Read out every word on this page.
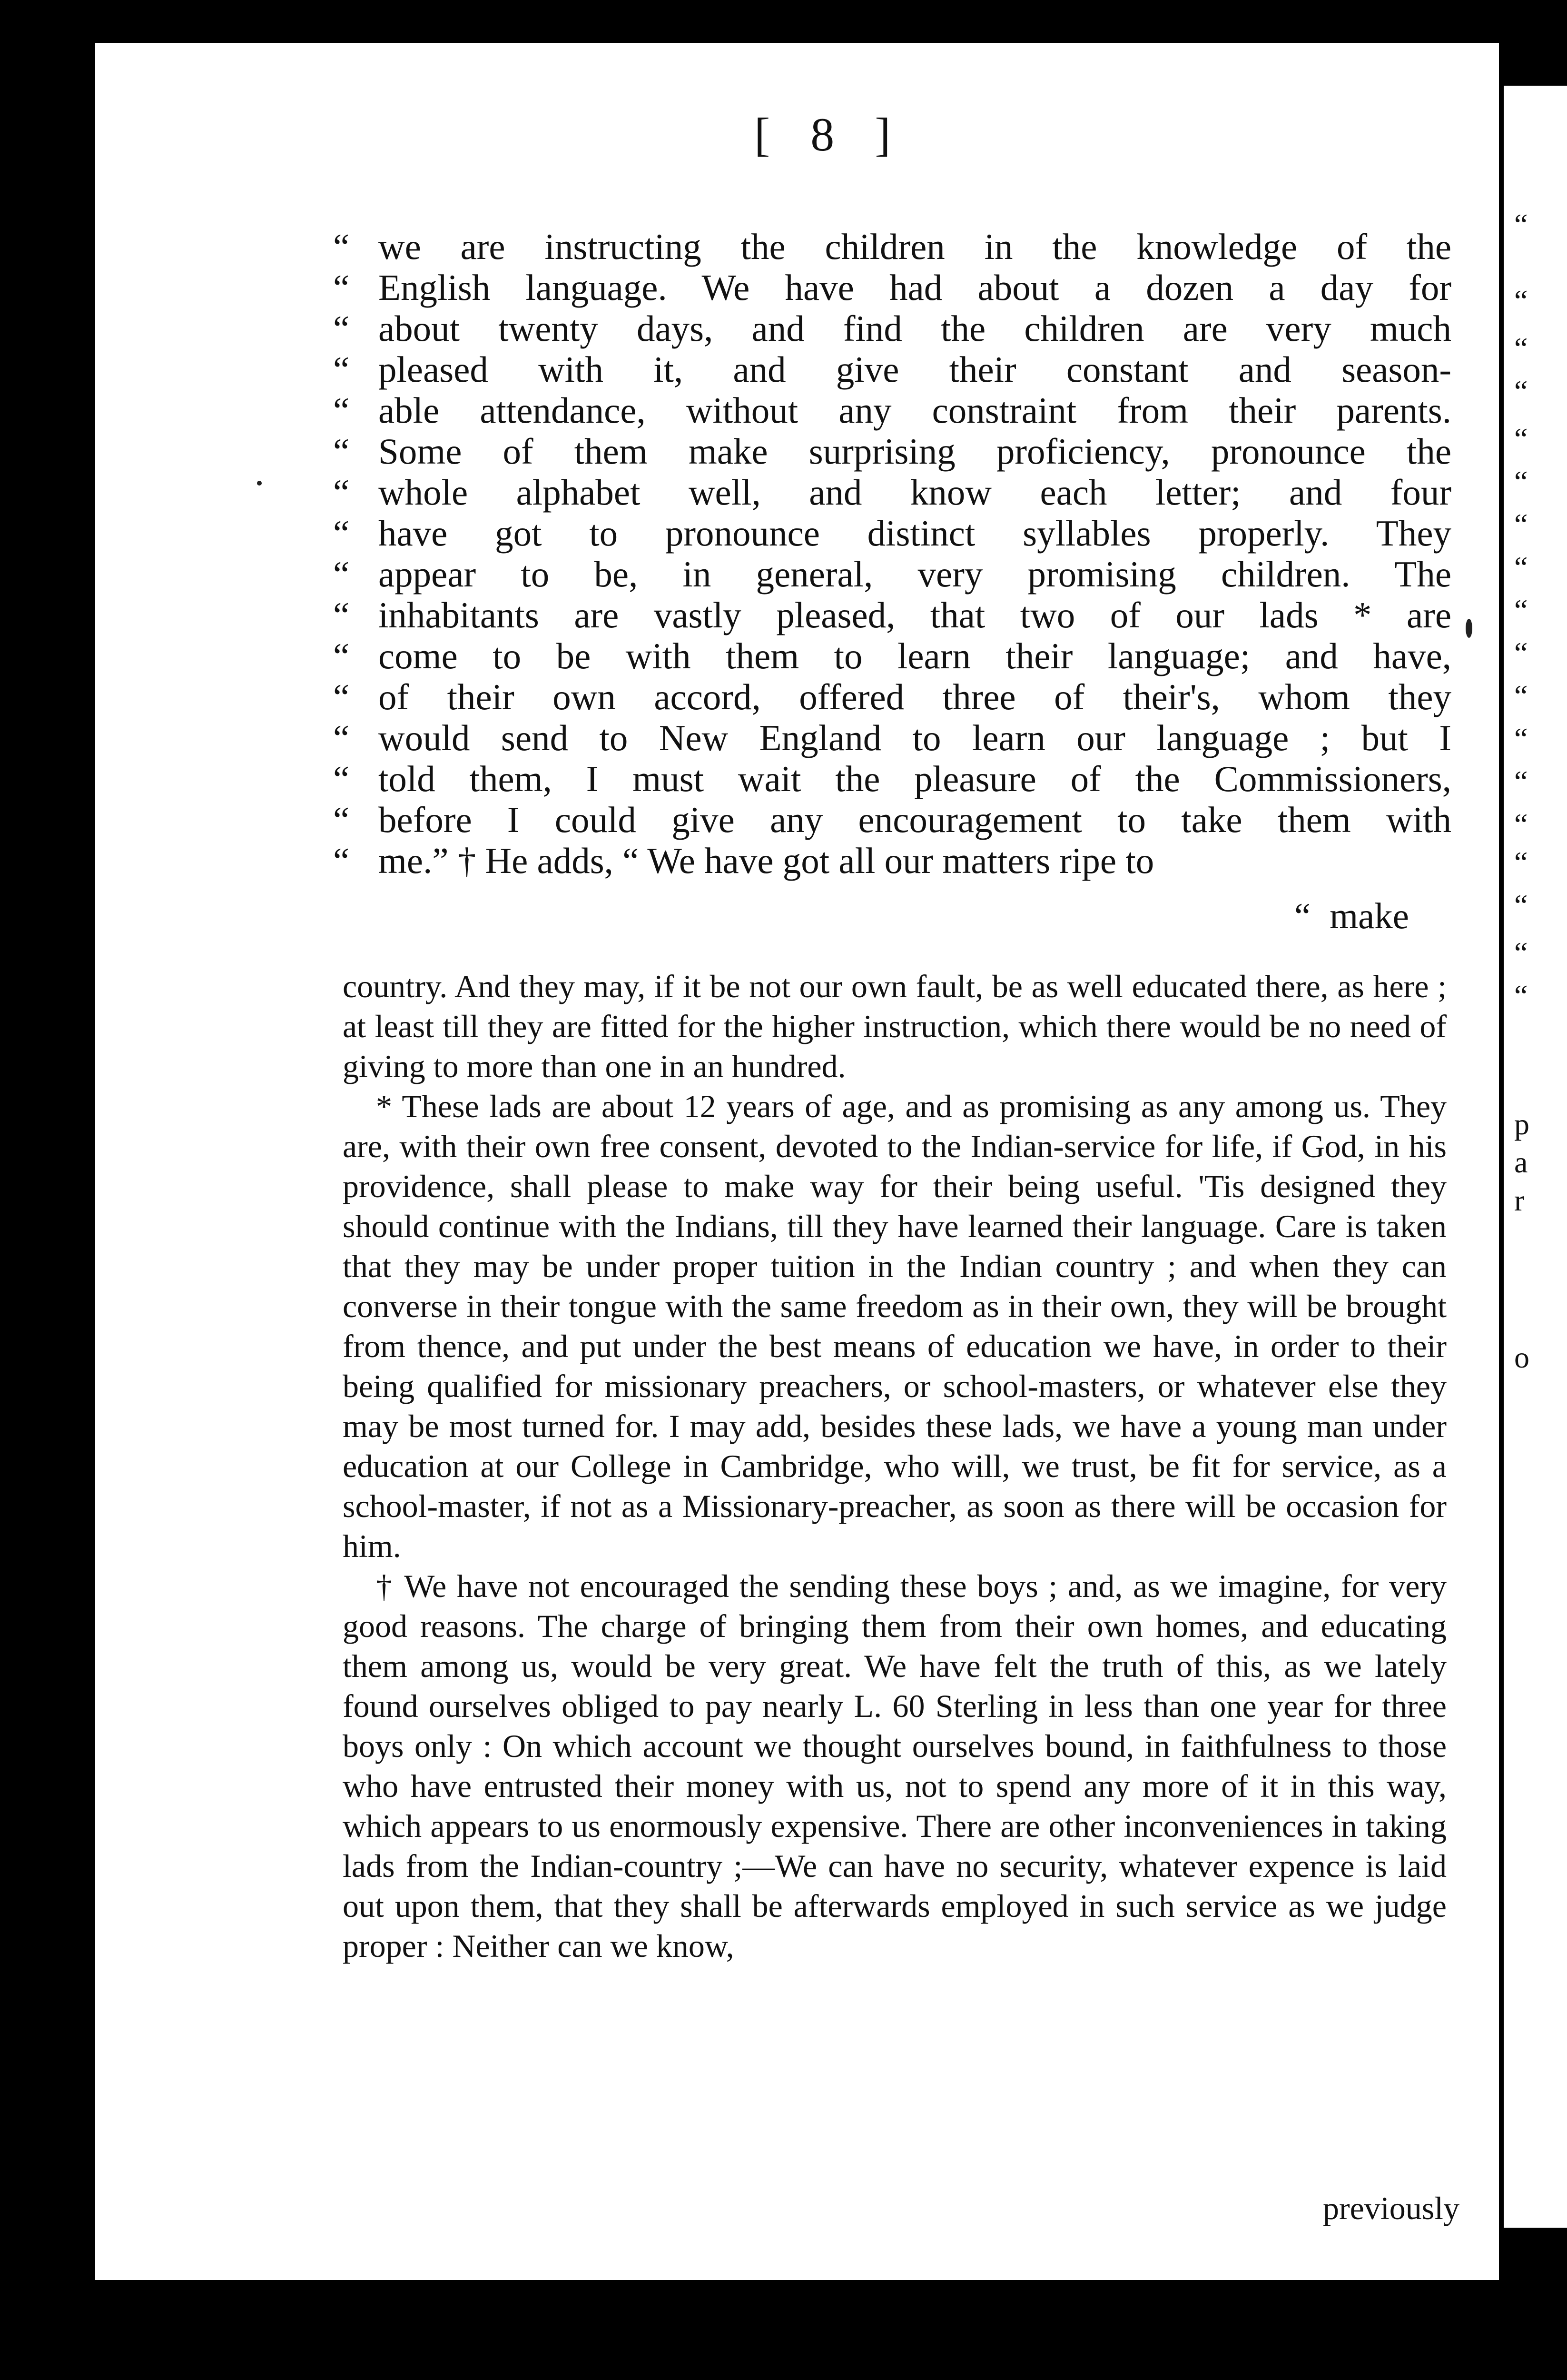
“
“
“
“
“
“
“
“
“
“
“
“
“
“
“
“
“
“
p
a
r
o
[ 8 ]
“ we are instructing the children in the knowledge of the
“ English language. We have had about a dozen a day for
“ about twenty days, and find the children are very much
“ pleased with it, and give their constant and season-
“ able attendance, without any constraint from their parents.
“ Some of them make surprising proficiency, pronounce the
“ whole alphabet well, and know each letter; and four
“ have got to pronounce distinct syllables properly. They
“ appear to be, in general, very promising children. The
“ inhabitants are vastly pleased, that two of our lads * are
“ come to be with them to learn their language; and have,
“ of their own accord, offered three of their's, whom they
“ would send to New England to learn our language ; but I
“ told them, I must wait the pleasure of the Commissioners,
“ before I could give any encouragement to take them with
“ me.” † He adds, “ We have got all our matters ripe to
“ make

country. And they may, if it be not our own fault, be as well educated there, as here ; at least till they are fitted for the higher instruction, which there would be no need of giving to more than one in an hundred.

* These lads are about 12 years of age, and as promising as any among us. They are, with their own free consent, devoted to the Indian-service for life, if God, in his providence, shall please to make way for their being useful. 'Tis designed they should continue with the Indians, till they have learned their language. Care is taken that they may be under proper tuition in the Indian country ; and when they can converse in their tongue with the same freedom as in their own, they will be brought from thence, and put under the best means of education we have, in order to their being qualified for missionary preachers, or school-masters, or whatever else they may be most turned for. I may add, besides these lads, we have a young man under education at our College in Cambridge, who will, we trust, be fit for service, as a school-master, if not as a Missionary-preacher, as soon as there will be occasion for him.

† We have not encouraged the sending these boys ; and, as we imagine, for very good reasons. The charge of bringing them from their own homes, and educating them among us, would be very great. We have felt the truth of this, as we lately found ourselves obliged to pay nearly L. 60 Sterling in less than one year for three boys only : On which account we thought ourselves bound, in faithfulness to those who have entrusted their money with us, not to spend any more of it in this way, which appears to us enormously expensive. There are other inconveniences in taking lads from the Indian-country ;—We can have no security, whatever expence is laid out upon them, that they shall be afterwards employed in such service as we judge proper : Neither can we know,

previously
